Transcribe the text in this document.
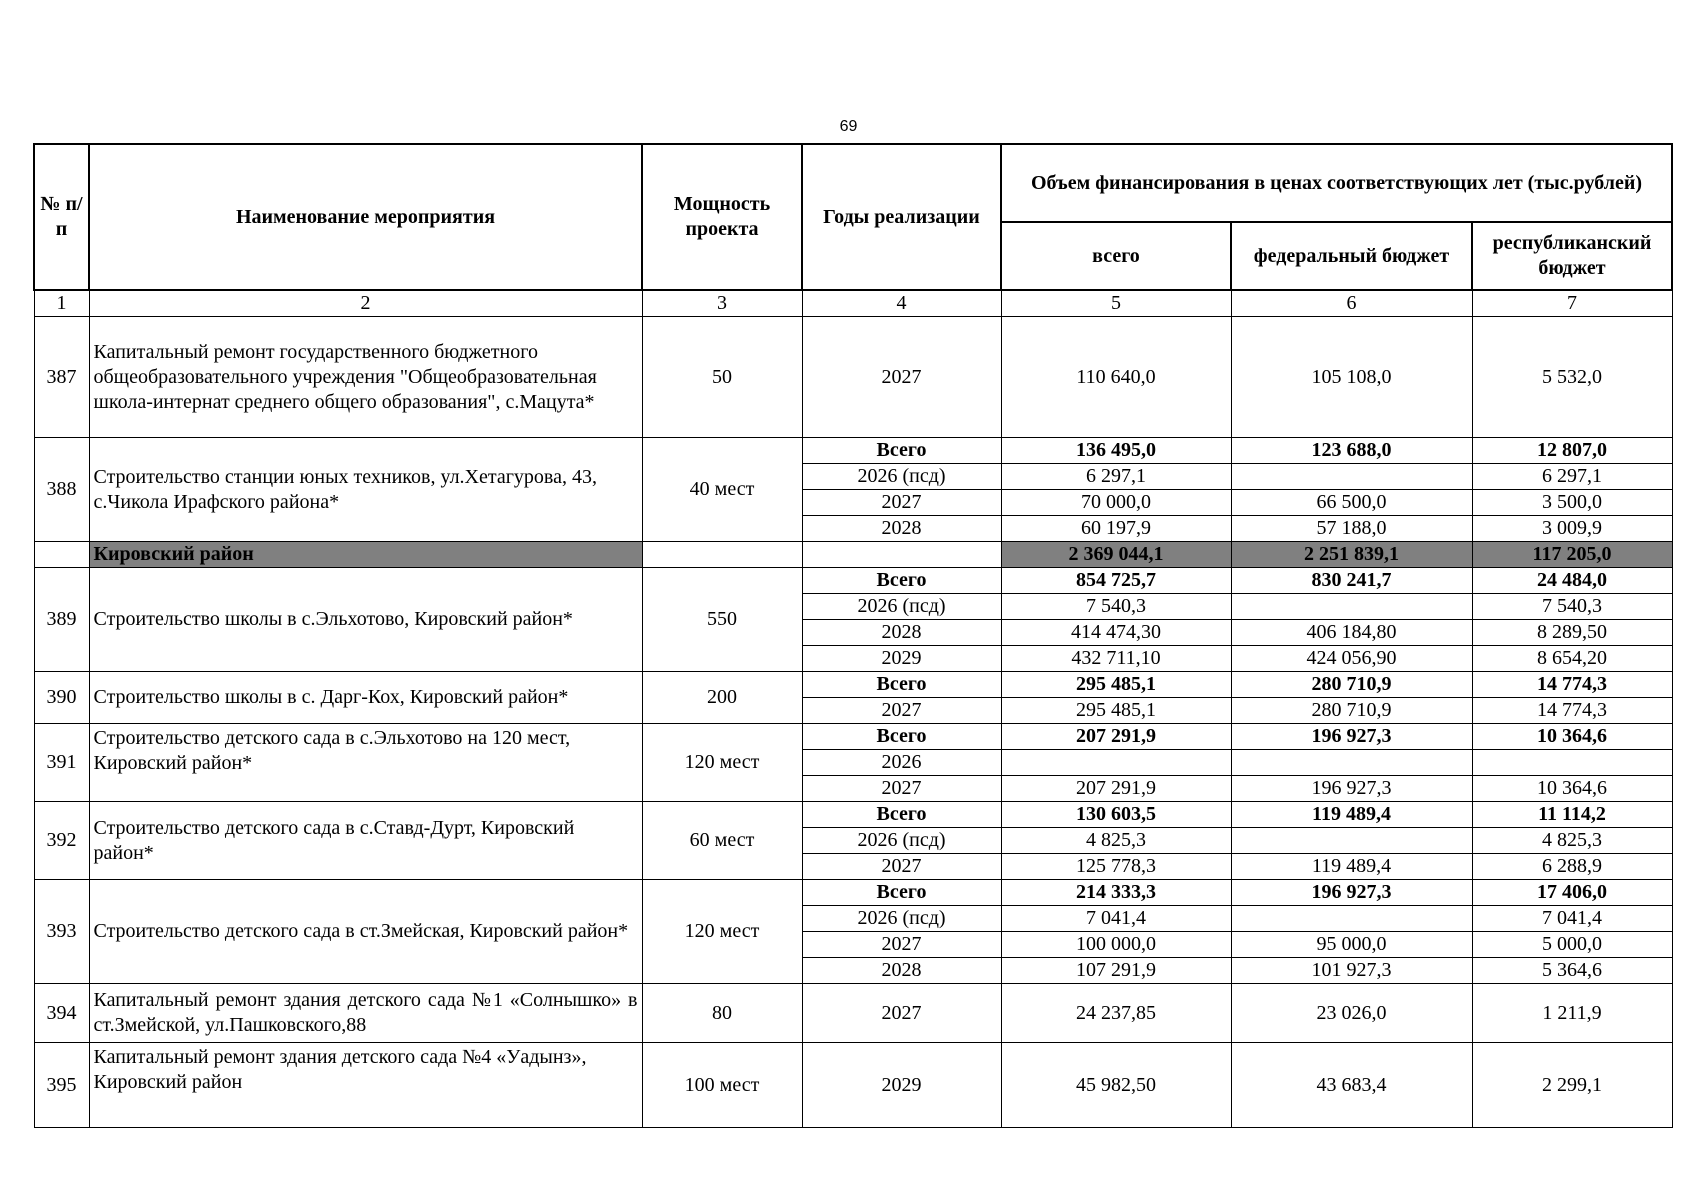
69
№ п/п	Наименование мероприятия	Мощность проекта	Годы реализации	Объем финансирования в ценах соответствующих лет (тыс.рублей)		
				всего	федеральный бюджет	республиканский бюджет
1	2	3	4	5	6	7
387	Капитальный ремонт государственного бюджетного общеобразовательного учреждения "Общеобразовательная школа-интернат среднего общего образования", с.Мацута*	50	2027	110 640,0	105 108,0	5 532,0
388	Строительство станции юных техников, ул.Хетагурова, 43, с.Чикола Ирафского района*	40 мест	Всего	136 495,0	123 688,0	12 807,0
			2026 (псд)	6 297,1		6 297,1
			2027	70 000,0	66 500,0	3 500,0
			2028	60 197,9	57 188,0	3 009,9
	Кировский район			2 369 044,1	2 251 839,1	117 205,0
389	Строительство школы в с.Эльхотово, Кировский район*	550	Всего	854 725,7	830 241,7	24 484,0
			2026 (псд)	7 540,3		7 540,3
			2028	414 474,30	406 184,80	8 289,50
			2029	432 711,10	424 056,90	8 654,20
390	Строительство школы в с. Дарг-Кох, Кировский район*	200	Всего	295 485,1	280 710,9	14 774,3
			2027	295 485,1	280 710,9	14 774,3
391	Строительство детского сада в с.Эльхотово на 120 мест, Кировский район*	120 мест	Всего	207 291,9	196 927,3	10 364,6
			2026			
			2027	207 291,9	196 927,3	10 364,6
392	Строительство детского сада в с.Ставд-Дурт, Кировский район*	60 мест	Всего	130 603,5	119 489,4	11 114,2
			2026 (псд)	4 825,3		4 825,3
			2027	125 778,3	119 489,4	6 288,9
393	Строительство детского сада в ст.Змейская, Кировский район*	120 мест	Всего	214 333,3	196 927,3	17 406,0
			2026 (псд)	7 041,4		7 041,4
			2027	100 000,0	95 000,0	5 000,0
			2028	107 291,9	101 927,3	5 364,6
394	Капитальный ремонт здания детского сада №1 «Солнышко» в ст.Змейской, ул.Пашковского,88	80	2027	24 237,85	23 026,0	1 211,9
395	Капитальный ремонт здания детского сада №4 «Уадынз», Кировский район	100 мест	2029	45 982,50	43 683,4	2 299,1
